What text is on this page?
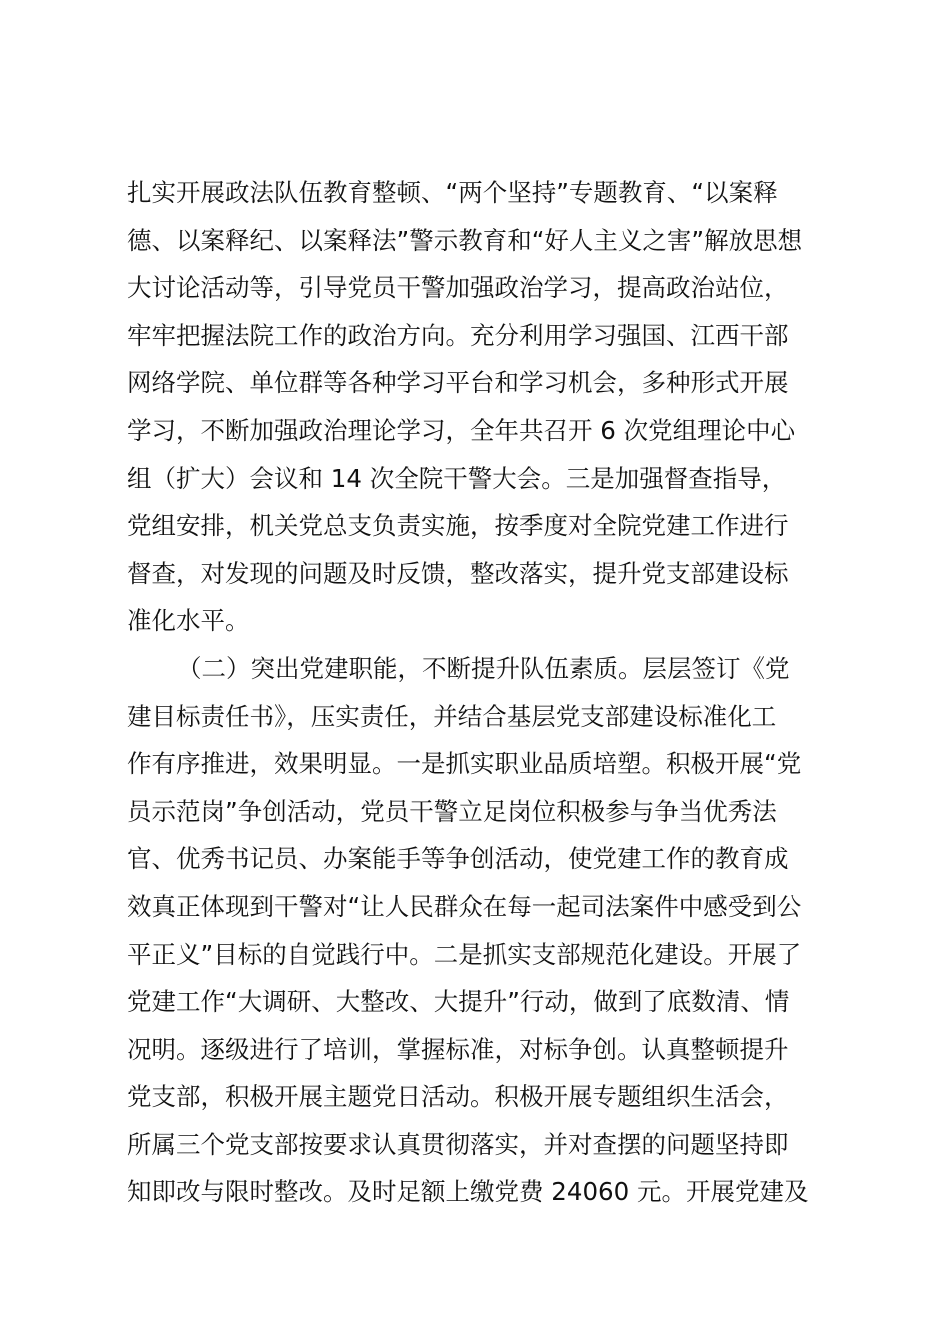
扎实开展政法队伍教育整顿、“两个坚持”专题教育、“以案释
德、以案释纪、以案释法”警示教育和“好人主义之害”解放思想
大讨论活动等，引导党员干警加强政治学习，提高政治站位，
牢牢把握法院工作的政治方向。充分利用学习强国、江西干部
网络学院、单位群等各种学习平台和学习机会，多种形式开展
学习，不断加强政治理论学习，全年共召开 6 次党组理论中心
组（扩大）会议和 14 次全院干警大会。三是加强督查指导，
党组安排，机关党总支负责实施，按季度对全院党建工作进行
督查，对发现的问题及时反馈，整改落实，提升党支部建设标
准化水平。
（二）突出党建职能，不断提升队伍素质。层层签订《党
建目标责任书》，压实责任，并结合基层党支部建设标准化工
作有序推进，效果明显。一是抓实职业品质培塑。积极开展“党
员示范岗”争创活动，党员干警立足岗位积极参与争当优秀法
官、优秀书记员、办案能手等争创活动，使党建工作的教育成
效真正体现到干警对“让人民群众在每一起司法案件中感受到公
平正义”目标的自觉践行中。二是抓实支部规范化建设。开展了
党建工作“大调研、大整改、大提升”行动，做到了底数清、情
况明。逐级进行了培训，掌握标准，对标争创。认真整顿提升
党支部，积极开展主题党日活动。积极开展专题组织生活会，
所属三个党支部按要求认真贯彻落实，并对查摆的问题坚持即
知即改与限时整改。及时足额上缴党费 24060 元。开展党建及
